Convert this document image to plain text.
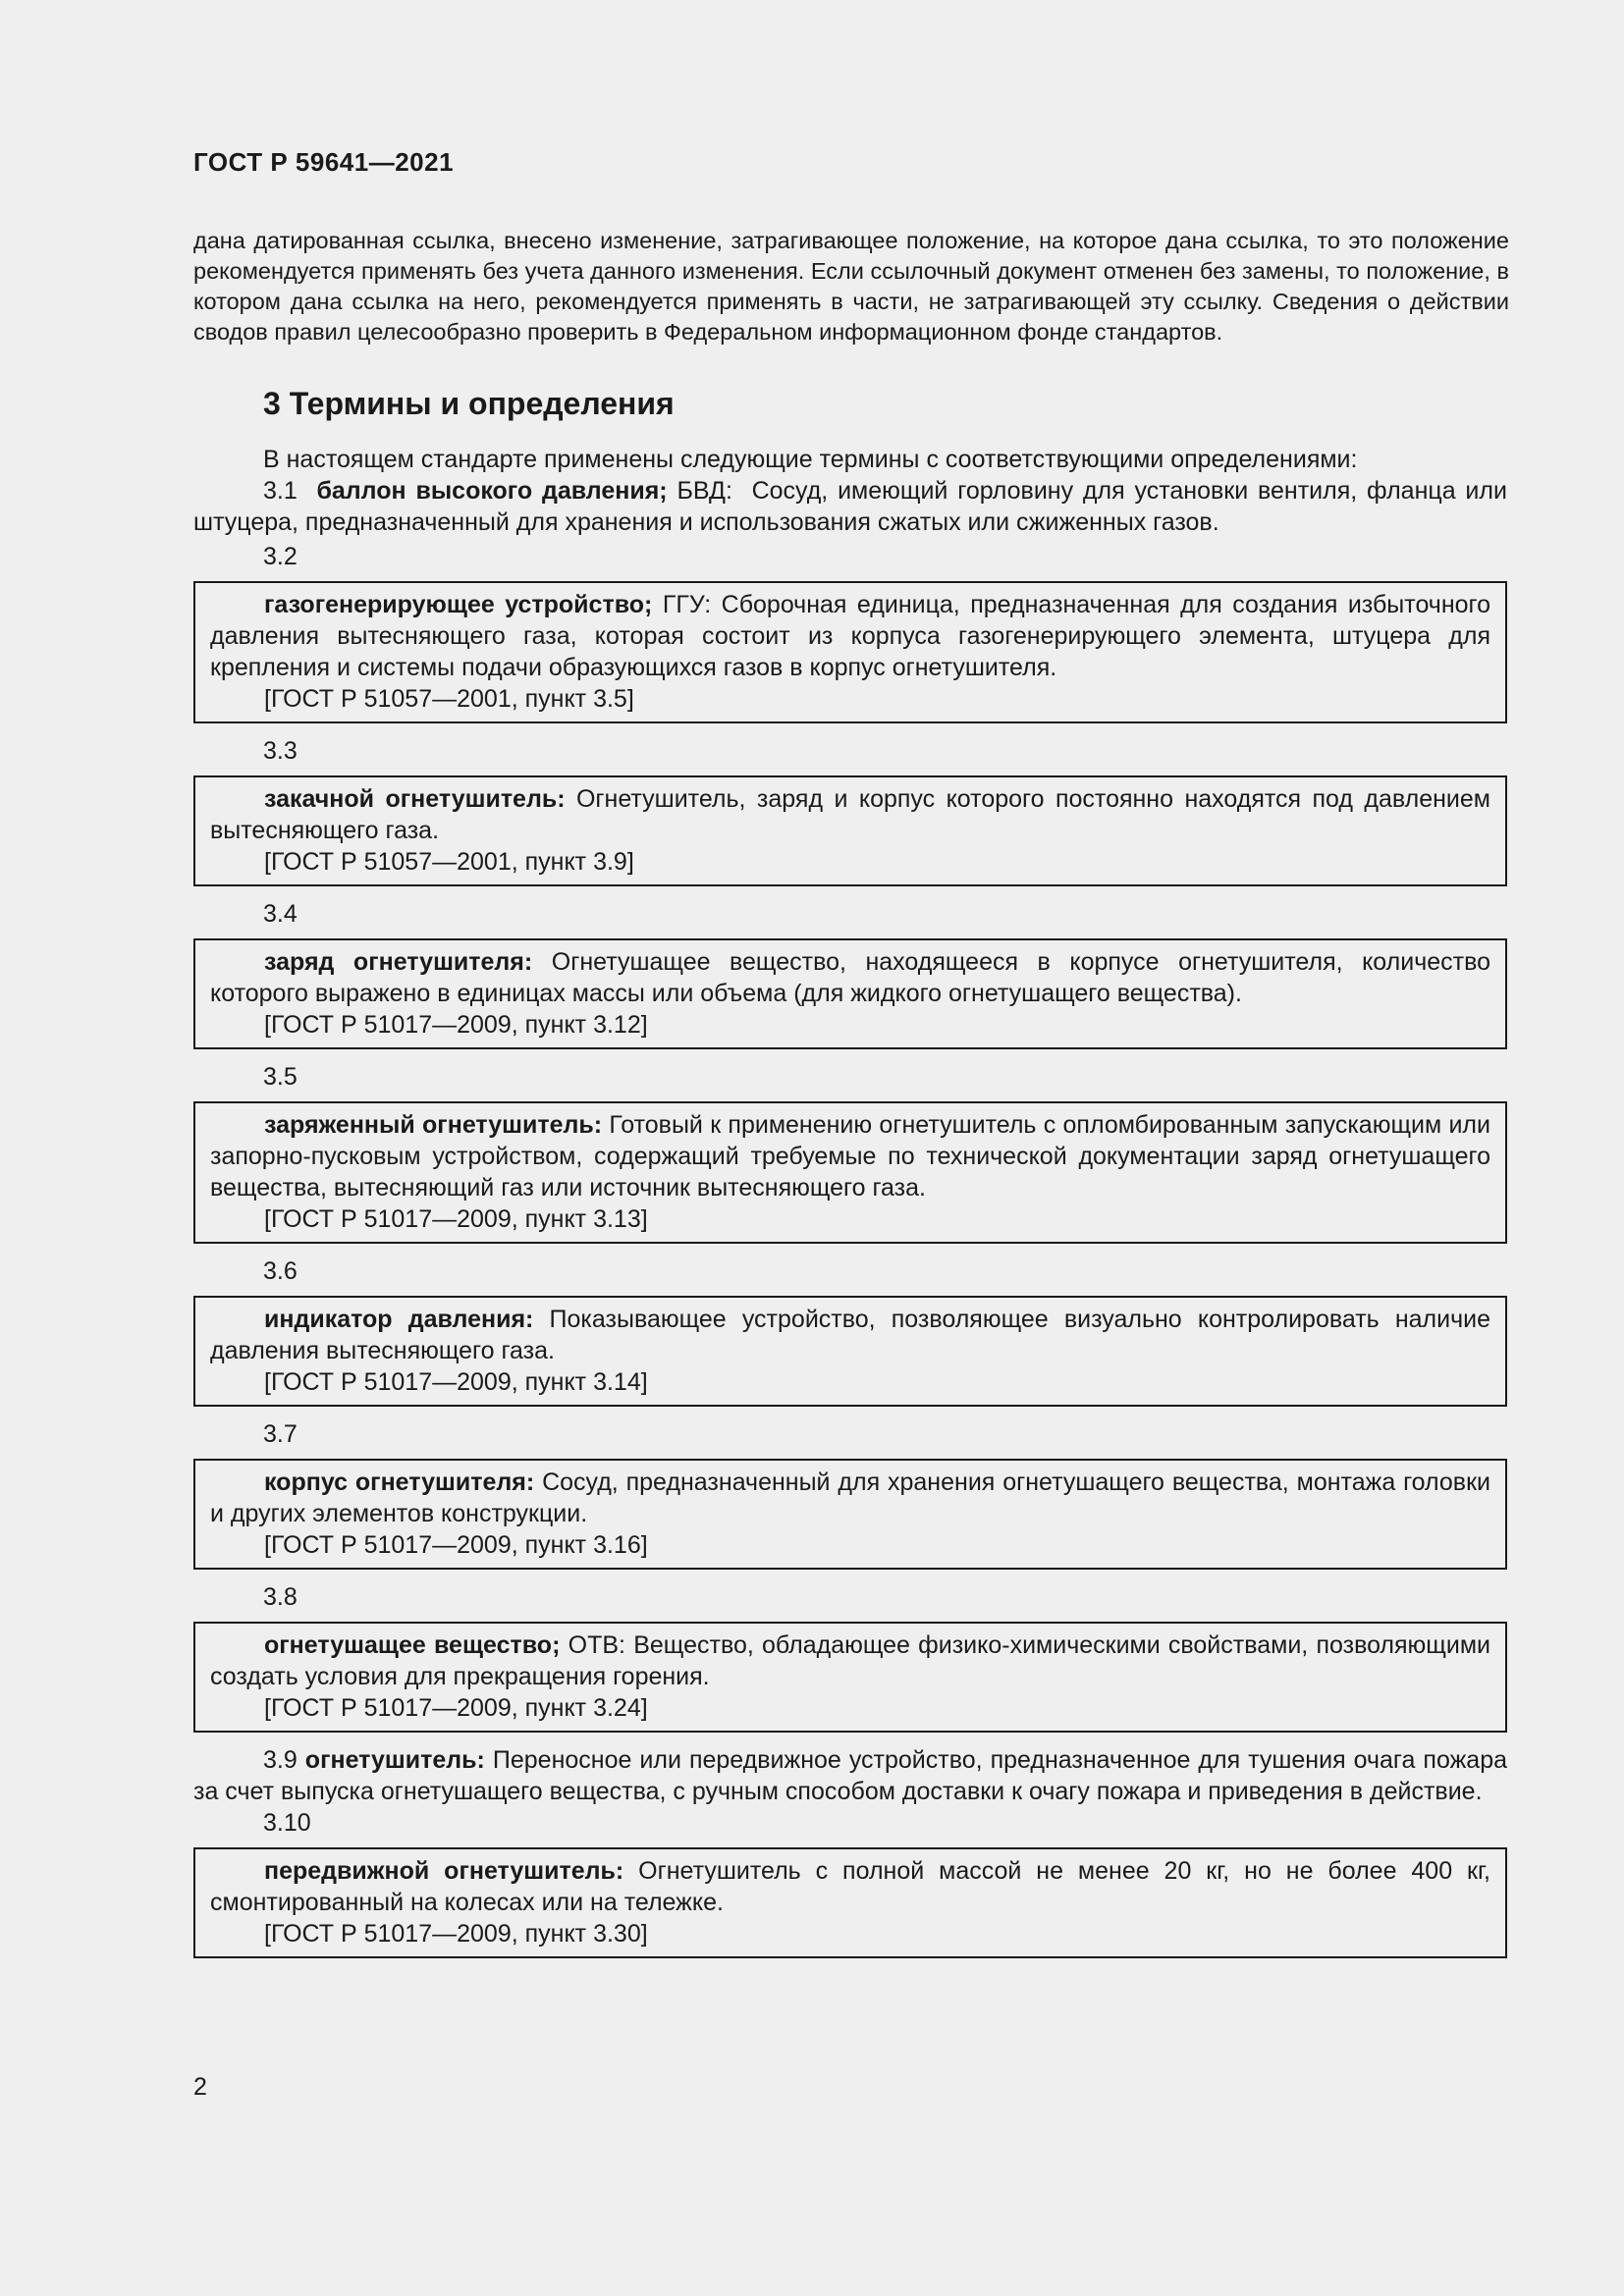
ГОСТ Р 59641—2021
дана датированная ссылка, внесено изменение, затрагивающее положение, на которое дана ссылка, то это положение рекомендуется применять без учета данного изменения. Если ссылочный документ отменен без замены, то положение, в котором дана ссылка на него, рекомендуется применять в части, не затрагивающей эту ссылку. Сведения о действии сводов правил целесообразно проверить в Федеральном информационном фонде стандартов.
3 Термины и определения

В настоящем стандарте применены следующие термины с соответствующими определениями:

3.1 баллон высокого давления; БВД: Сосуд, имеющий горловину для установки вентиля, фланца или штуцера, предназначенный для хранения и использования сжатых или сжиженных газов.

3.2

газогенерирующее устройство; ГГУ: Сборочная единица, предназначенная для создания избыточного давления вытесняющего газа, которая состоит из корпуса газогенерирующего элемента, штуцера для крепления и системы подачи образующихся газов в корпус огнетушителя.

[ГОСТ Р 51057—2001, пункт 3.5]

3.3

закачной огнетушитель: Огнетушитель, заряд и корпус которого постоянно находятся под давлением вытесняющего газа.

[ГОСТ Р 51057—2001, пункт 3.9]

3.4

заряд огнетушителя: Огнетушащее вещество, находящееся в корпусе огнетушителя, количество которого выражено в единицах массы или объема (для жидкого огнетушащего вещества).

[ГОСТ Р 51017—2009, пункт 3.12]

3.5

заряженный огнетушитель: Готовый к применению огнетушитель с опломбированным запускающим или запорно-пусковым устройством, содержащий требуемые по технической документации заряд огнетушащего вещества, вытесняющий газ или источник вытесняющего газа.

[ГОСТ Р 51017—2009, пункт 3.13]

3.6

индикатор давления: Показывающее устройство, позволяющее визуально контролировать наличие давления вытесняющего газа.

[ГОСТ Р 51017—2009, пункт 3.14]

3.7

корпус огнетушителя: Сосуд, предназначенный для хранения огнетушащего вещества, монтажа головки и других элементов конструкции.

[ГОСТ Р 51017—2009, пункт 3.16]

3.8

огнетушащее вещество; ОТВ: Вещество, обладающее физико-химическими свойствами, позволяющими создать условия для прекращения горения.

[ГОСТ Р 51017—2009, пункт 3.24]

3.9 огнетушитель: Переносное или передвижное устройство, предназначенное для тушения очага пожара за счет выпуска огнетушащего вещества, с ручным способом доставки к очагу пожара и приведения в действие.

3.10

передвижной огнетушитель: Огнетушитель с полной массой не менее 20 кг, но не более 400 кг, смонтированный на колесах или на тележке.

[ГОСТ Р 51017—2009, пункт 3.30]

2
